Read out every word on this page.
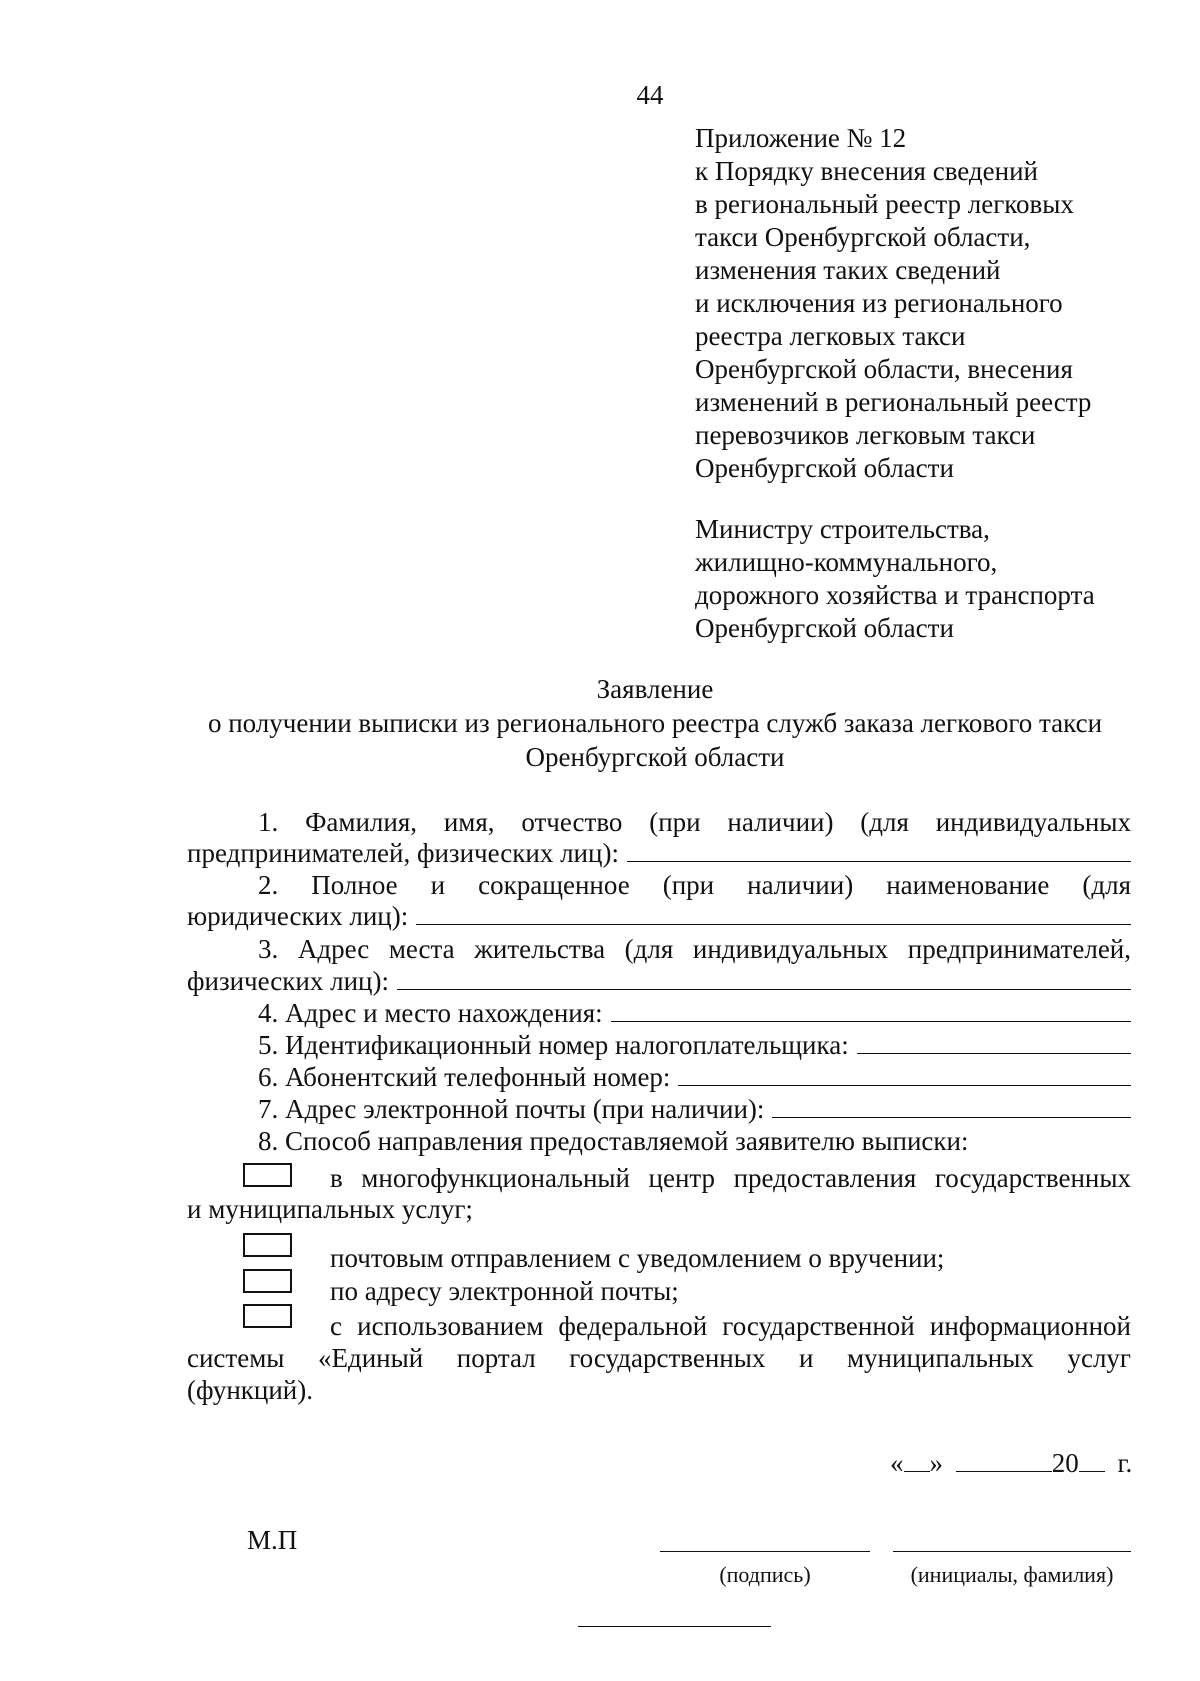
44
Приложение № 12
к Порядку внесения сведений
в региональный реестр легковых
такси Оренбургской области,
изменения таких сведений
и исключения из регионального
реестра легковых такси
Оренбургской области, внесения
изменений в региональный реестр
перевозчиков легковым такси
Оренбургской области
Министру строительства,
жилищно-коммунального,
дорожного хозяйства и транспорта
Оренбургской области
Заявление
о получении выписки из регионального реестра служб заказа легкового такси
Оренбургской области
1. Фамилия, имя, отчество (при наличии) (для индивидуальных
предпринимателей, физических лиц):
2. Полное и сокращенное (при наличии) наименование (для
юридических лиц):
3. Адрес места жительства (для индивидуальных предпринимателей,
физических лиц):
4. Адрес и место нахождения:
5. Идентификационный номер налогоплательщика:
6. Абонентский телефонный номер:
7. Адрес электронной почты (при наличии):
8. Способ направления предоставляемой заявителю выписки:
в многофункциональный центр предоставления государственных
и муниципальных услуг;
почтовым отправлением с уведомлением о вручении;
по адресу электронной почты;
с использованием федеральной государственной информационной
системы «Единый портал государственных и муниципальных услуг
(функций).
« »	20 г.
М.П
(подпись)	(инициалы, фамилия)
